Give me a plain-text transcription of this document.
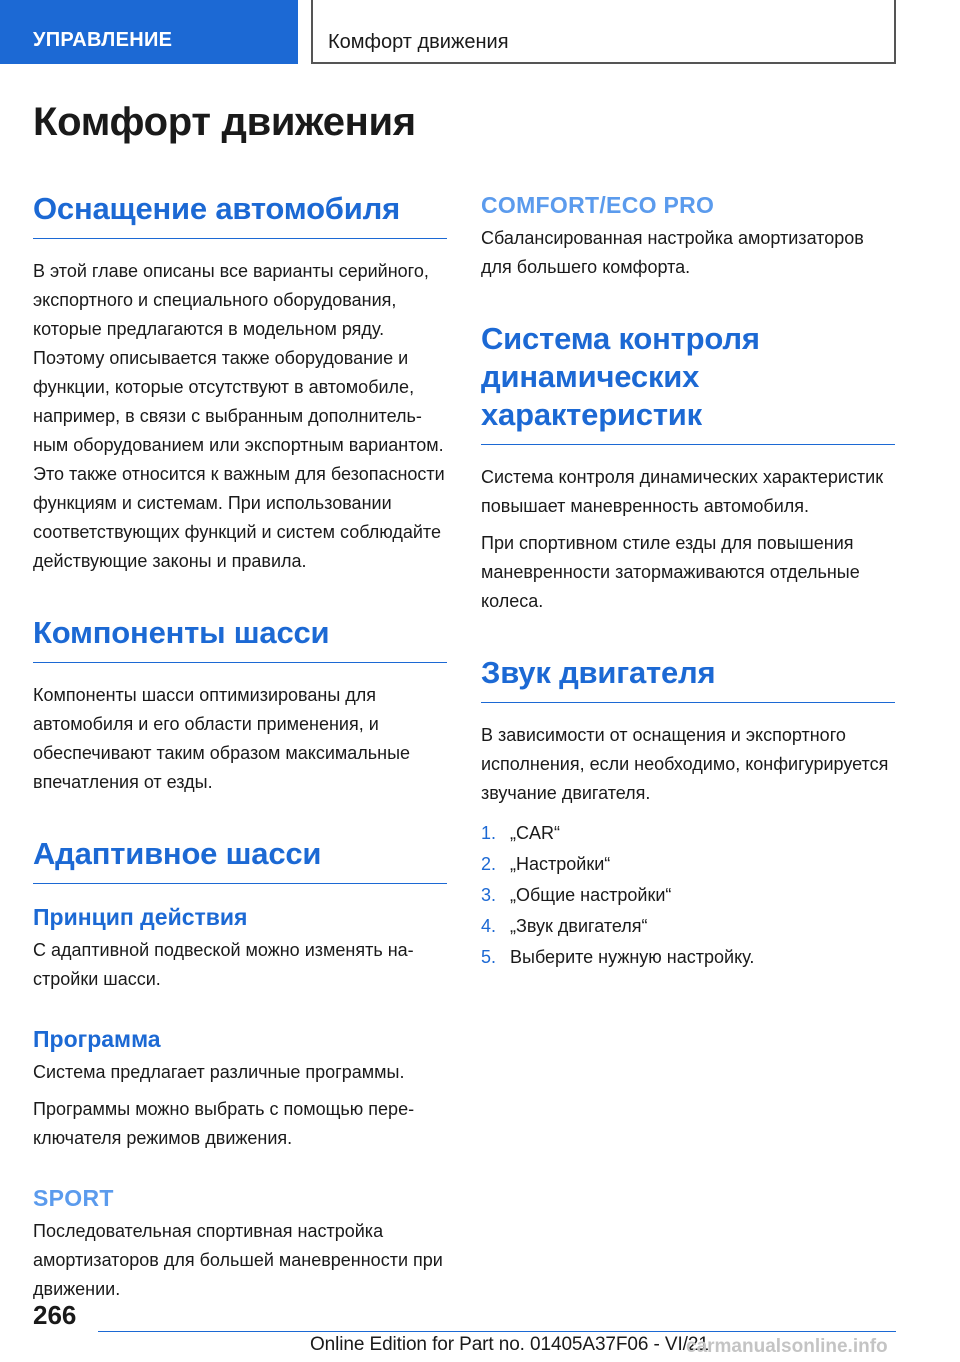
УПРАВЛЕНИЕ	Комфорт движения
Комфорт движения
Оснащение автомобиля

В этой главе описаны все варианты серийного, экспортного и специального оборудования, которые предлагаются в модельном ряду. Поэтому описывается также оборудование и функции, которые отсутствуют в автомобиле, например, в связи с выбранным дополнительным оборудованием или экспортным вариантом. Это также относится к важным для безопасности функциям и системам. При использовании соответствующих функций и систем соблюдайте действующие законы и правила.

Компоненты шасси

Компоненты шасси оптимизированы для автомобиля и его области применения, и обеспечивают таким образом максимальные впечатления от езды.

Адаптивное шасси
Принцип действия

С адаптивной подвеской можно изменять настройки шасси.

Программа

Система предлагает различные программы.

Программы можно выбрать с помощью переключателя режимов движения.

SPORT

Последовательная спортивная настройка амортизаторов для большей маневренности при движении.

COMFORT/ECO PRO

Сбалансированная настройка амортизаторов для большего комфорта.

Система контроля динамических характеристик

Система контроля динамических характеристик повышает маневренность автомобиля.

При спортивном стиле езды для повышения маневренности затормаживаются отдельные колеса.

Звук двигателя

В зависимости от оснащения и экспортного исполнения, если необходимо, конфигурируется звучание двигателя.

1. „CAR“
2. „Настройки“
3. „Общие настройки“
4. „Звук двигателя“
5. Выберите нужную настройку.
266
Online Edition for Part no. 01405A37F06 - VI/21
carmanualsonline.info
